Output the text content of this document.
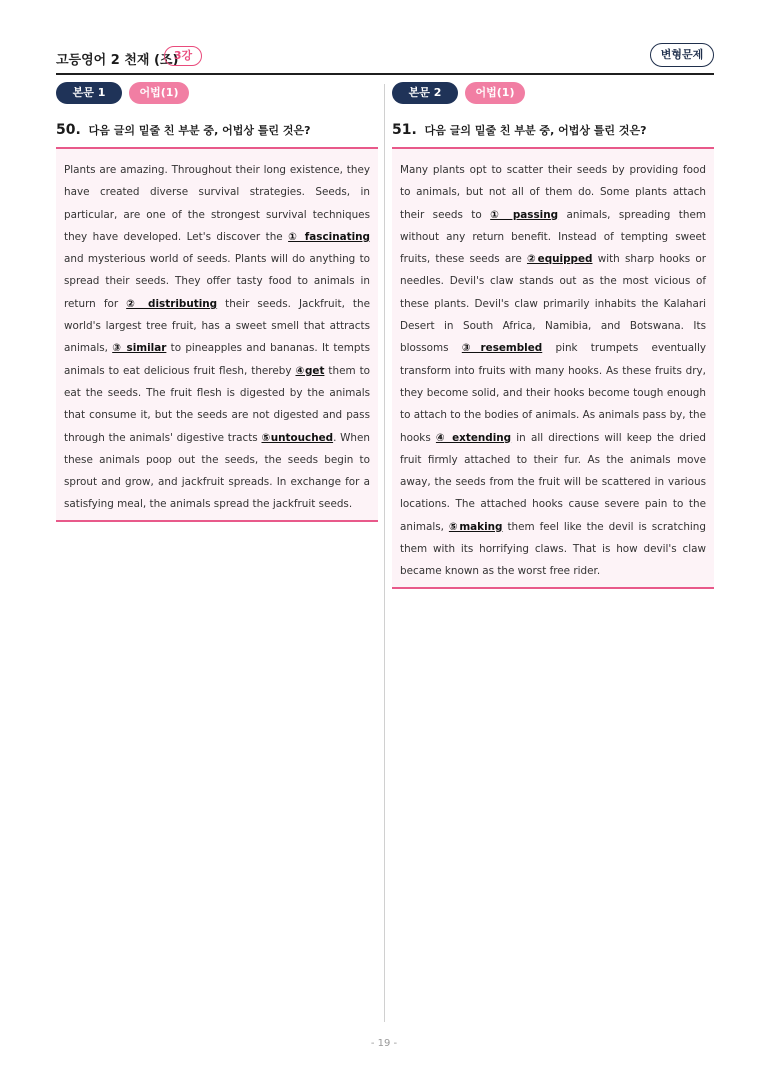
고등영어 2 천재 (조)
3강	변형문제
본문 1	어법(1)
50. 다음 글의 밑줄 친 부분 중, 어법상 틀린 것은?
Plants are amazing. Throughout their long existence, they have created diverse survival strategies. Seeds, in particular, are one of the strongest survival techniques they have developed. Let's discover the ① fascinating and mysterious world of seeds. Plants will do anything to spread their seeds. They offer tasty food to animals in return for ② distributing their seeds. Jackfruit, the world's largest tree fruit, has a sweet smell that attracts animals, ③ similar to pineapples and bananas. It tempts animals to eat delicious fruit flesh, thereby ④get them to eat the seeds. The fruit flesh is digested by the animals that consume it, but the seeds are not digested and pass through the animals' digestive tracts ⑤untouched. When these animals poop out the seeds, the seeds begin to sprout and grow, and jackfruit spreads. In exchange for a satisfying meal, the animals spread the jackfruit seeds.
본문 2	어법(1)
51. 다음 글의 밑줄 친 부분 중, 어법상 틀린 것은?
Many plants opt to scatter their seeds by providing food to animals, but not all of them do. Some plants attach their seeds to ① passing animals, spreading them without any return benefit. Instead of tempting sweet fruits, these seeds are ②equipped with sharp hooks or needles. Devil's claw stands out as the most vicious of these plants. Devil's claw primarily inhabits the Kalahari Desert in South Africa, Namibia, and Botswana. Its blossoms ③resembled pink trumpets eventually transform into fruits with many hooks. As these fruits dry, they become solid, and their hooks become tough enough to attach to the bodies of animals. As animals pass by, the hooks ④ extending in all directions will keep the dried fruit firmly attached to their fur. As the animals move away, the seeds from the fruit will be scattered in various locations. The attached hooks cause severe pain to the animals, ⑤making them feel like the devil is scratching them with its horrifying claws. That is how devil's claw became known as the worst free rider.
- 19 -
